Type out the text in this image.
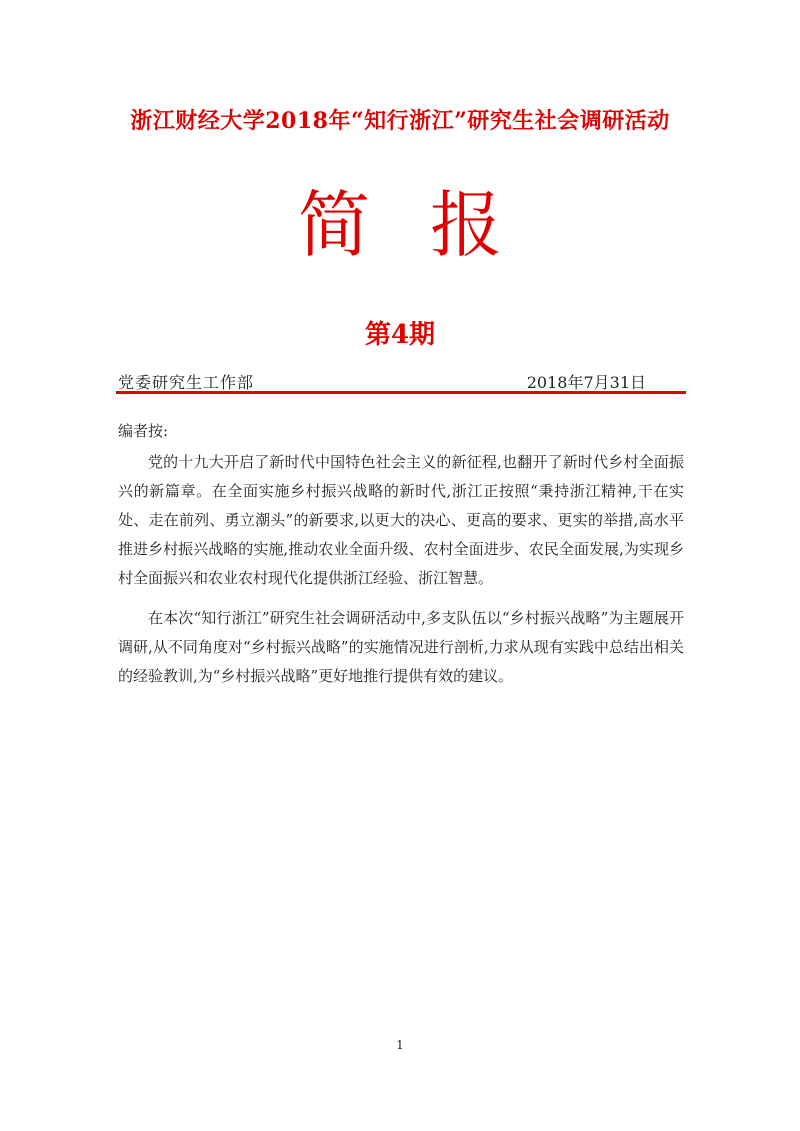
浙江财经大学2018年“知行浙江”研究生社会调研活动
简报
第4期
党委研究生工作部	2018年7月31日
编者按:

党的十九大开启了新时代中国特色社会主义的新征程,也翻开了新时代乡村全面振兴的新篇章。在全面实施乡村振兴战略的新时代,浙江正按照“秉持浙江精神,干在实处、走在前列、勇立潮头”的新要求,以更大的决心、更高的要求、更实的举措,高水平推进乡村振兴战略的实施,推动农业全面升级、农村全面进步、农民全面发展,为实现乡村全面振兴和农业农村现代化提供浙江经验、浙江智慧。

在本次“知行浙江”研究生社会调研活动中,多支队伍以“乡村振兴战略”为主题展开调研,从不同角度对“乡村振兴战略”的实施情况进行剖析,力求从现有实践中总结出相关的经验教训,为“乡村振兴战略”更好地推行提供有效的建议。

1
